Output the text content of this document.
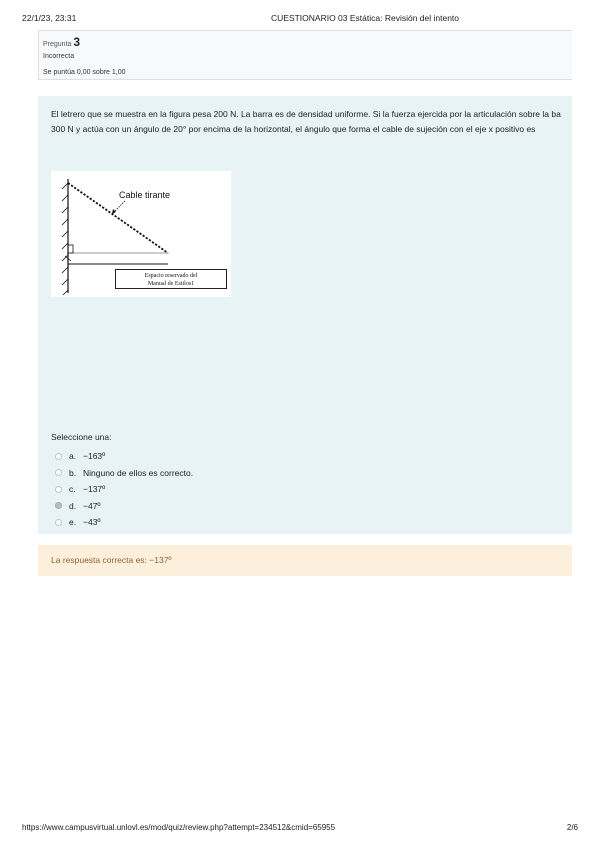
22/1/23, 23:31	CUESTIONARIO 03 Estática: Revisión del intento
Pregunta 3
Incorrecta
Se puntúa 0,00 sobre 1,00
El letrero que se muestra en la figura pesa 200 N. La barra es de densidad uniforme. Si la fuerza ejercida por la articulación sobre la ba
300 N y actúa con un ángulo de 20° por encima de la horizontal, el ángulo que forma el cable de sujeción con el eje x positivo es
Cable tirante
Espacio reservado del
Manual de Estilos1
Seleccione una:
a. −163º
b. Ninguno de ellos es correcto.
c. −137º
d. −47º
e. −43º
La respuesta correcta es: −137º
https://www.campusvirtual.unlovl.es/mod/quiz/review.php?attempt=234512&cmid=65955	2/6
